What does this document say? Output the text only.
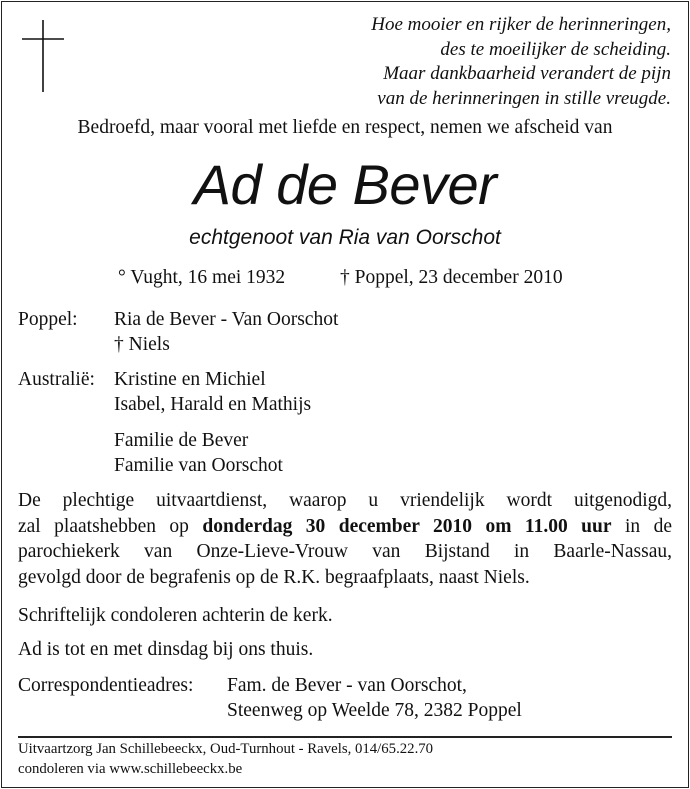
Hoe mooier en rijker de herinneringen,
des te moeilijker de scheiding.
Maar dankbaarheid verandert de pijn
van de herinneringen in stille vreugde.
Bedroefd, maar vooral met liefde en respect, nemen we afscheid van
Ad de Bever
echtgenoot van Ria van Oorschot
° Vught, 16 mei 1932	† Poppel, 23 december 2010
Poppel: Ria de Bever - Van Oorschot
† Niels
Australië: Kristine en Michiel
Isabel, Harald en Mathijs
Familie de Bever
Familie van Oorschot
De plechtige uitvaartdienst, waarop u vriendelijk wordt uitgenodigd,
zal plaatshebben op donderdag 30 december 2010 om 11.00 uur in de
parochiekerk van Onze-Lieve-Vrouw van Bijstand in Baarle-Nassau,
gevolgd door de begrafenis op de R.K. begraafplaats, naast Niels.
Schriftelijk condoleren achterin de kerk.
Ad is tot en met dinsdag bij ons thuis.
Correspondentieadres: Fam. de Bever - van Oorschot,
Steenweg op Weelde 78, 2382 Poppel
Uitvaartzorg Jan Schillebeeckx, Oud-Turnhout - Ravels, 014/65.22.70
condoleren via www.schillebeeckx.be
